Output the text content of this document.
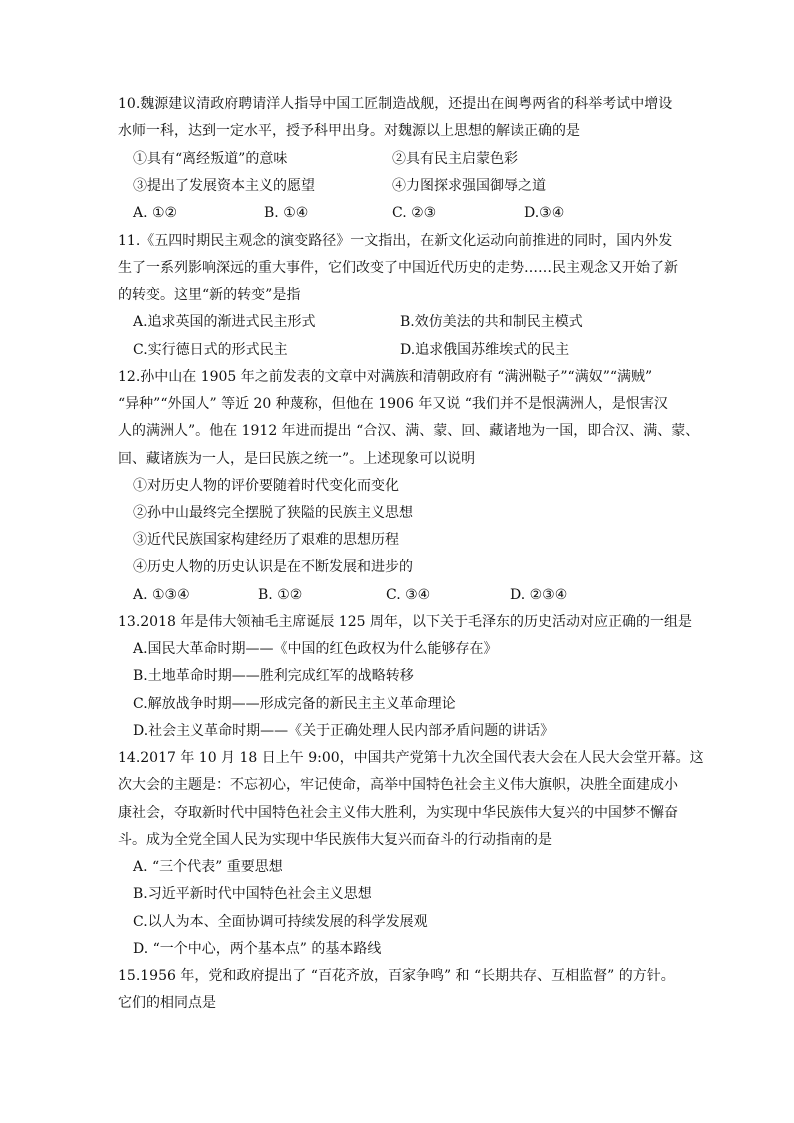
10.魏源建议清政府聘请洋人指导中国工匠制造战舰，还提出在闽粤两省的科举考试中增设
水师一科，达到一定水平，授予科甲出身。对魏源以上思想的解读正确的是
①具有“离经叛道”的意味	②具有民主启蒙色彩
③提出了发展资本主义的愿望	④力图探求强国御辱之道
A. ①②	B. ①④	C. ②③	D.③④
11.《五四时期民主观念的演变路径》一文指出，在新文化运动向前推进的同时，国内外发
生了一系列影响深远的重大事件，它们改变了中国近代历史的走势……民主观念又开始了新
的转变。这里“新的转变”是指
A.追求英国的渐进式民主形式	B.效仿美法的共和制民主模式
C.实行德日式的形式民主	D.追求俄国苏维埃式的民主
12.孙中山在 1905 年之前发表的文章中对满族和清朝政府有 “满洲鞑子”“满奴”“满贼”
“异种”“外国人” 等近 20 种蔑称，但他在 1906 年又说 “我们并不是恨满洲人，是恨害汉
人的满洲人”。他在 1912 年进而提出 “合汉、满、蒙、回、藏诸地为一国，即合汉、满、蒙、
回、藏诸族为一人，是曰民族之统一”。上述现象可以说明
①对历史人物的评价要随着时代变化而变化
②孙中山最终完全摆脱了狭隘的民族主义思想
③近代民族国家构建经历了艰难的思想历程
④历史人物的历史认识是在不断发展和进步的
A. ①③④	B. ①②	C. ③④	D. ②③④
13.2018 年是伟大领袖毛主席诞辰 125 周年，以下关于毛泽东的历史活动对应正确的一组是
A.国民大革命时期——《中国的红色政权为什么能够存在》
B.土地革命时期——胜利完成红军的战略转移
C.解放战争时期——形成完备的新民主主义革命理论
D.社会主义革命时期——《关于正确处理人民内部矛盾问题的讲话》
14.2017 年 10 月 18 日上午 9:00，中国共产党第十九次全国代表大会在人民大会堂开幕。这
次大会的主题是：不忘初心，牢记使命，高举中国特色社会主义伟大旗帜，决胜全面建成小
康社会，夺取新时代中国特色社会主义伟大胜利，为实现中华民族伟大复兴的中国梦不懈奋
斗。成为全党全国人民为实现中华民族伟大复兴而奋斗的行动指南的是
A. “三个代表” 重要思想
B.习近平新时代中国特色社会主义思想
C.以人为本、全面协调可持续发展的科学发展观
D. “一个中心，两个基本点” 的基本路线
15.1956 年，党和政府提出了 “百花齐放，百家争鸣” 和 “长期共存、互相监督” 的方针。
它们的相同点是
